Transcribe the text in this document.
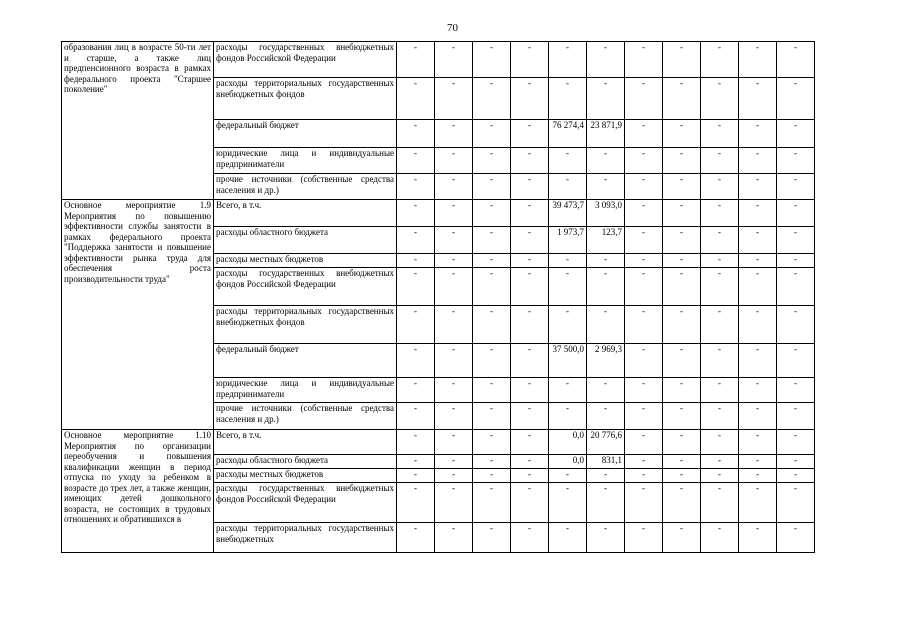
70
образования лиц в возрасте 50-ти лет и старше, а также лиц предпенсионного возраста в рамках федерального проекта "Старшее поколение"	расходы государственных внебюджетных фондов Российской Федерации	-	-	-	-	-	-	-	-	-	-	-
	расходы территориальных государственных внебюджетных фондов	-	-	-	-	-	-	-	-	-	-	-
	федеральный бюджет	-	-	-	-	76 274,4	23 871,9	-	-	-	-	-
	юридические лица и индивидуальные предприниматели	-	-	-	-	-	-	-	-	-	-	-
	прочие источники (собственные средства населения и др.)	-	-	-	-	-	-	-	-	-	-	-
Основное мероприятие 1.9 Мероприятия по повышению эффективности службы занятости в рамках федерального проекта "Поддержка занятости и повышение эффективности рынка труда для обеспечения роста производительности труда"	Всего, в т.ч.	-	-	-	-	39 473,7	3 093,0	-	-	-	-	-
	расходы областного бюджета	-	-	-	-	1 973,7	123,7	-	-	-	-	-
	расходы местных бюджетов	-	-	-	-	-	-	-	-	-	-	-
	расходы государственных внебюджетных фондов Российской Федерации	-	-	-	-	-	-	-	-	-	-	-
	расходы территориальных государственных внебюджетных фондов	-	-	-	-	-	-	-	-	-	-	-
	федеральный бюджет	-	-	-	-	37 500,0	2 969,3	-	-	-	-	-
	юридические лица и индивидуальные предприниматели	-	-	-	-	-	-	-	-	-	-	-
	прочие источники (собственные средства населения и др.)	-	-	-	-	-	-	-	-	-	-	-
Основное мероприятие 1.10 Мероприятия по организации переобучения и повышения квалификации женщин в период отпуска по уходу за ребенком в возрасте до трех лет, а также женщин, имеющих детей дошкольного возраста, не состоящих в трудовых отношениях и обратившихся в	Всего, в т.ч.	-	-	-	-	0,0	20 776,6	-	-	-	-	-
	расходы областного бюджета	-	-	-	-	0,0	831,1	-	-	-	-	-
	расходы местных бюджетов	-	-	-	-	-	-	-	-	-	-	-
	расходы государственных внебюджетных фондов Российской Федерации	-	-	-	-	-	-	-	-	-	-	-
	расходы территориальных государственных внебюджетных	-	-	-	-	-	-	-	-	-	-	-
